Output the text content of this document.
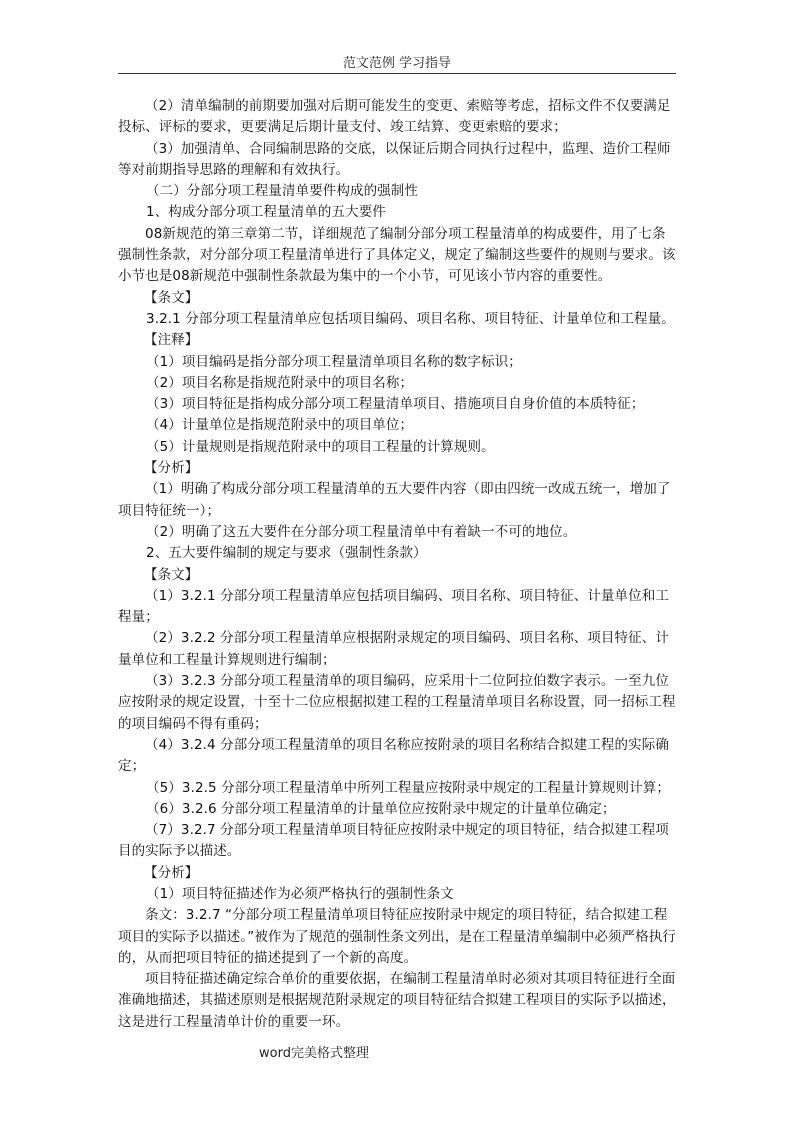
范文范例 学习指导

（2）清单编制的前期要加强对后期可能发生的变更、索赔等考虑，招标文件不仅要满足投标、评标的要求，更要满足后期计量支付、竣工结算、变更索赔的要求；

（3）加强清单、合同编制思路的交底，以保证后期合同执行过程中，监理、造价工程师等对前期指导思路的理解和有效执行。

（二）分部分项工程量清单要件构成的强制性

1、构成分部分项工程量清单的五大要件

08新规范的第三章第二节，详细规范了编制分部分项工程量清单的构成要件，用了七条强制性条款，对分部分项工程量清单进行了具体定义，规定了编制这些要件的规则与要求。该小节也是08新规范中强制性条款最为集中的一个小节，可见该小节内容的重要性。

【条文】

3.2.1 分部分项工程量清单应包括项目编码、项目名称、项目特征、计量单位和工程量。

【注释】

（1）项目编码是指分部分项工程量清单项目名称的数字标识；

（2）项目名称是指规范附录中的项目名称；

（3）项目特征是指构成分部分项工程量清单项目、措施项目自身价值的本质特征；

（4）计量单位是指规范附录中的项目单位；

（5）计量规则是指规范附录中的项目工程量的计算规则。

【分析】

（1）明确了构成分部分项工程量清单的五大要件内容（即由四统一改成五统一，增加了项目特征统一）；

（2）明确了这五大要件在分部分项工程量清单中有着缺一不可的地位。

2、五大要件编制的规定与要求（强制性条款）

【条文】

（1）3.2.1 分部分项工程量清单应包括项目编码、项目名称、项目特征、计量单位和工程量；

（2）3.2.2 分部分项工程量清单应根据附录规定的项目编码、项目名称、项目特征、计量单位和工程量计算规则进行编制；

（3）3.2.3 分部分项工程量清单的项目编码，应采用十二位阿拉伯数字表示。一至九位应按附录的规定设置，十至十二位应根据拟建工程的工程量清单项目名称设置，同一招标工程的项目编码不得有重码；

（4）3.2.4 分部分项工程量清单的项目名称应按附录的项目名称结合拟建工程的实际确定；

（5）3.2.5 分部分项工程量清单中所列工程量应按附录中规定的工程量计算规则计算；

（6）3.2.6 分部分项工程量清单的计量单位应按附录中规定的计量单位确定；

（7）3.2.7 分部分项工程量清单项目特征应按附录中规定的项目特征，结合拟建工程项目的实际予以描述。

【分析】

（1）项目特征描述作为必须严格执行的强制性条文

条文：3.2.7 “分部分项工程量清单项目特征应按附录中规定的项目特征，结合拟建工程项目的实际予以描述。”被作为了规范的强制性条文列出，是在工程量清单编制中必须严格执行的，从而把项目特征的描述提到了一个新的高度。

项目特征描述确定综合单价的重要依据，在编制工程量清单时必须对其项目特征进行全面准确地描述，其描述原则是根据规范附录规定的项目特征结合拟建工程项目的实际予以描述，这是进行工程量清单计价的重要一环。

word完美格式整理
